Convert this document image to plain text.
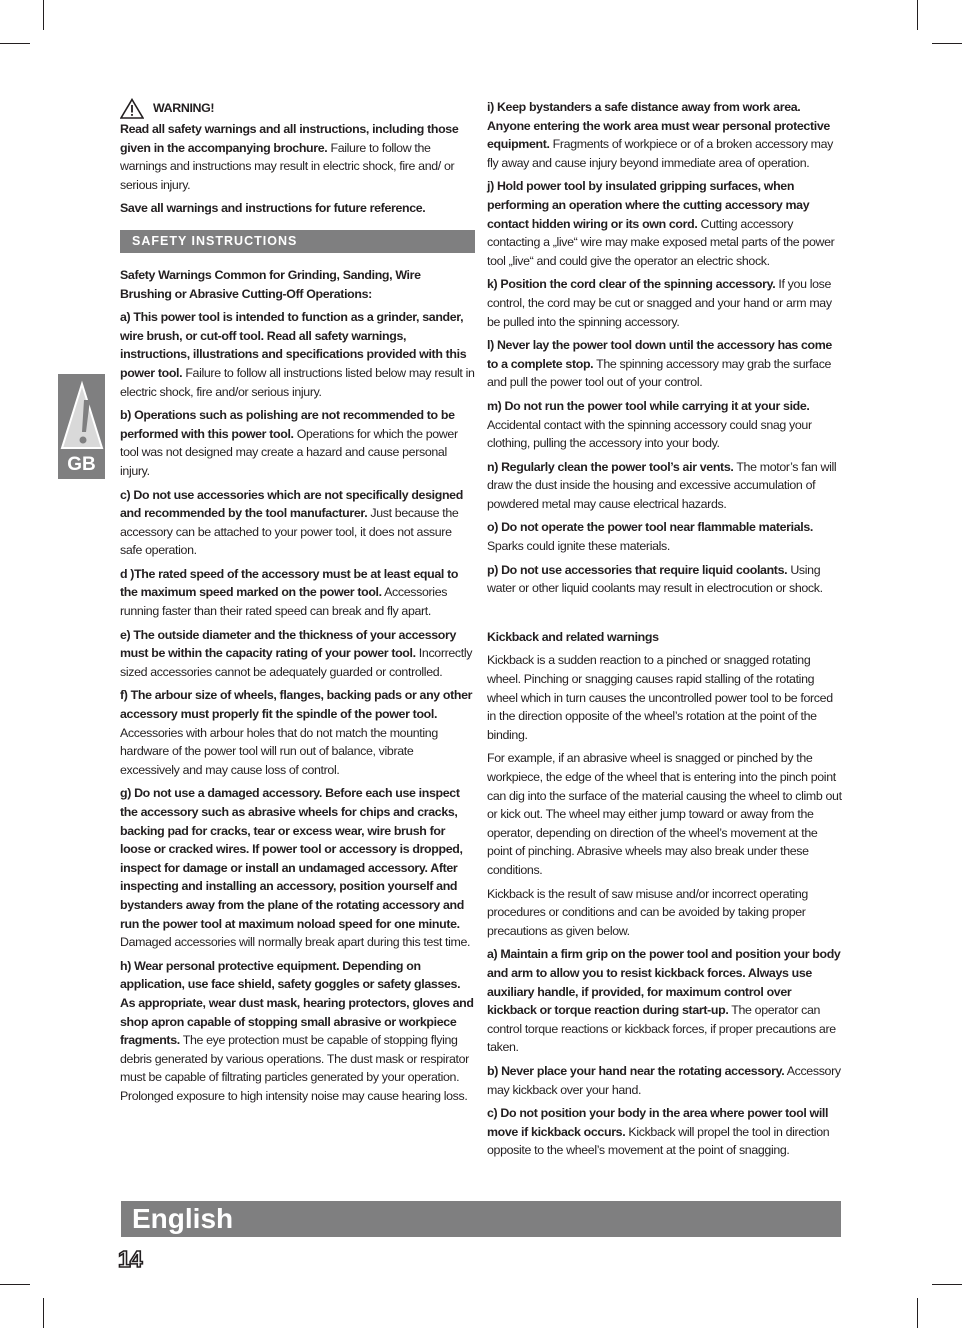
GB
WARNING!

Read all safety warnings and all instructions, including those given in the accompanying brochure. Failure to follow the warnings and instructions may result in electric shock, fire and/ or serious injury.

Save all warnings and instructions for future reference.

SAFETY INSTRUCTIONS

Safety Warnings Common for Grinding, Sanding, Wire Brushing or Abrasive Cutting-Off Operations:

a) This power tool is intended to function as a grinder, sander, wire brush, or cut-off tool. Read all safety warnings, instructions, illustrations and specifications provided with this power tool. Failure to follow all instructions listed below may result in electric shock, fire and/or serious injury.

b) Operations such as polishing are not recommended to be performed with this power tool. Operations for which the power tool was not designed may create a hazard and cause personal injury.

c) Do not use accessories which are not specifically designed and recommended by the tool manufacturer. Just because the accessory can be attached to your power tool, it does not assure safe operation.

d )The rated speed of the accessory must be at least equal to the maximum speed marked on the power tool. Accessories running faster than their rated speed can break and fly apart.

e) The outside diameter and the thickness of your accessory must be within the capacity rating of your power tool. Incorrectly sized accessories cannot be adequately guarded or controlled.

f) The arbour size of wheels, flanges, backing pads or any other accessory must properly fit the spindle of the power tool. Accessories with arbour holes that do not match the mounting hardware of the power tool will run out of balance, vibrate excessively and may cause loss of control.

g) Do not use a damaged accessory. Before each use inspect the accessory such as abrasive wheels for chips and cracks, backing pad for cracks, tear or excess wear, wire brush for loose or cracked wires. If power tool or accessory is dropped, inspect for damage or install an undamaged accessory. After inspecting and installing an accessory, position yourself and bystanders away from the plane of the rotating accessory and run the power tool at maximum noload speed for one minute. Damaged accessories will normally break apart during this test time.

h) Wear personal protective equipment. Depending on application, use face shield, safety goggles or safety glasses. As appropriate, wear dust mask, hearing protectors, gloves and shop apron capable of stopping small abrasive or workpiece fragments. The eye protection must be capable of stopping flying debris generated by various operations. The dust mask or respirator must be capable of filtrating particles generated by your operation. Prolonged exposure to high intensity noise may cause hearing loss.

i) Keep bystanders a safe distance away from work area. Anyone entering the work area must wear personal protective equipment. Fragments of workpiece or of a broken accessory may fly away and cause injury beyond immediate area of operation.

j) Hold power tool by insulated gripping surfaces, when performing an operation where the cutting accessory may contact hidden wiring or its own cord. Cutting accessory contacting a „live“ wire may make exposed metal parts of the power tool „live“ and could give the operator an electric shock.

k) Position the cord clear of the spinning accessory. If you lose control, the cord may be cut or snagged and your hand or arm may be pulled into the spinning accessory.

l) Never lay the power tool down until the accessory has come to a complete stop. The spinning accessory may grab the surface and pull the power tool out of your control.

m) Do not run the power tool while carrying it at your side. Accidental contact with the spinning accessory could snag your clothing, pulling the accessory into your body.

n) Regularly clean the power tool’s air vents. The motor’s fan will draw the dust inside the housing and excessive accumulation of powdered metal may cause electrical hazards.

o) Do not operate the power tool near flammable materials. Sparks could ignite these materials.

p) Do not use accessories that require liquid coolants. Using water or other liquid coolants may result in electrocution or shock.

Kickback and related warnings

Kickback is a sudden reaction to a pinched or snagged rotating wheel. Pinching or snagging causes rapid stalling of the rotating wheel which in turn causes the uncontrolled power tool to be forced in the direction opposite of the wheel’s rotation at the point of the binding.

For example, if an abrasive wheel is snagged or pinched by the workpiece, the edge of the wheel that is entering into the pinch point can dig into the surface of the material causing the wheel to climb out or kick out. The wheel may either jump toward or away from the operator, depending on direction of the wheel’s movement at the point of pinching. Abrasive wheels may also break under these conditions.

Kickback is the result of saw misuse and/or incorrect operating procedures or conditions and can be avoided by taking proper precautions as given below.

a) Maintain a firm grip on the power tool and position your body and arm to allow you to resist kickback forces. Always use auxiliary handle, if provided, for maximum control over kickback or torque reaction during start-up. The operator can control torque reactions or kickback forces, if proper precautions are taken.

b) Never place your hand near the rotating accessory. Accessory may kickback over your hand.

c) Do not position your body in the area where power tool will move if kickback occurs. Kickback will propel the tool in direction opposite to the wheel’s movement at the point of snagging.

English
14
